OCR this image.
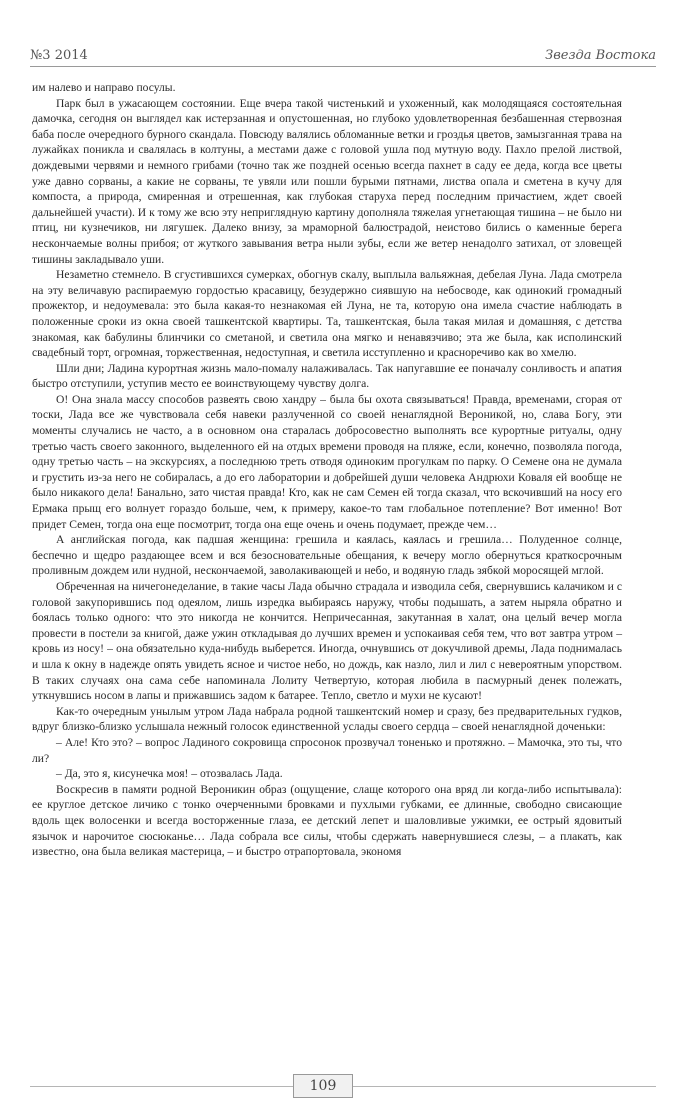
№3 2014	Звезда Востока

им налево и направо посулы.

Парк был в ужасающем состоянии. Еще вчера такой чистенький и ухоженный, как молодящаяся состоятельная дамочка, сегодня он выглядел как истерзанная и опустошенная, но глубоко удовлетворенная безбашенная стервозная баба после очередного бурного скандала. Повсюду валялись обломанные ветки и гроздья цветов, замызганная трава на лужайках поникла и свалялась в колтуны, а местами даже с головой ушла под мутную воду. Пахло прелой листвой, дождевыми червями и немного грибами (точно так же поздней осенью всегда пахнет в саду ее деда, когда все цветы уже давно сорваны, а какие не сорваны, те увяли или пошли бурыми пятнами, листва опала и сметена в кучу для компоста, а природа, смиренная и отрешенная, как глубокая старуха перед последним причастием, ждет своей дальнейшей участи). И к тому же всю эту неприглядную картину дополняла тяжелая угнетающая тишина – не было ни птиц, ни кузнечиков, ни лягушек. Далеко внизу, за мраморной балюстрадой, неистово бились о каменные берега нескончаемые волны прибоя; от жуткого завывания ветра ныли зубы, если же ветер ненадолго затихал, от зловещей тишины закладывало уши.

Незаметно стемнело. В сгустившихся сумерках, обогнув скалу, выплыла вальяжная, дебелая Луна. Лада смотрела на эту величавую распираемую гордостью красавицу, безудержно сиявшую на небосводе, как одинокий громадный прожектор, и недоумевала: это была какая-то незнакомая ей Луна, не та, которую она имела счастие наблюдать в положенные сроки из окна своей ташкентской квартиры. Та, ташкентская, была такая милая и домашняя, с детства знакомая, как бабулины блинчики со сметаной, и светила она мягко и ненавязчиво; эта же была, как исполинский свадебный торт, огромная, торжественная, недоступная, и светила исступленно и красноречиво как во хмелю.

Шли дни; Ладина курортная жизнь мало-помалу налаживалась. Так напугавшие ее поначалу сонливость и апатия быстро отступили, уступив место ее воинствующему чувству долга.

О! Она знала массу способов развеять свою хандру – была бы охота связываться! Правда, временами, сгорая от тоски, Лада все же чувствовала себя навеки разлученной со своей ненаглядной Вероникой, но, слава Богу, эти моменты случались не часто, а в основном она старалась добросовестно выполнять все курортные ритуалы, одну третью часть своего законного, выделенного ей на отдых времени проводя на пляже, если, конечно, позволяла погода, одну третью часть – на экскурсиях, а последнюю треть отводя одиноким прогулкам по парку. О Семене она не думала и грустить из-за него не собиралась, а до его лаборатории и добрейшей души человека Андрюхи Коваля ей вообще не было никакого дела! Банально, зато чистая правда! Кто, как не сам Семен ей тогда сказал, что вскочивший на носу его Ермака прыщ его волнует гораздо больше, чем, к примеру, какое-то там глобальное потепление? Вот именно! Вот придет Семен, тогда она еще посмотрит, тогда она еще очень и очень подумает, прежде чем…

А английская погода, как падшая женщина: грешила и каялась, каялась и грешила… Полуденное солнце, беспечно и щедро раздающее всем и вся безосновательные обещания, к вечеру могло обернуться краткосрочным проливным дождем или нудной, нескончаемой, заволакивающей и небо, и водяную гладь зябкой моросящей мглой.

Обреченная на ничегонеделание, в такие часы Лада обычно страдала и изводила себя, свернувшись калачиком и с головой закупорившись под одеялом, лишь изредка выбираясь наружу, чтобы подышать, а затем ныряла обратно и боялась только одного: что это никогда не кончится. Непричесанная, закутанная в халат, она целый вечер могла провести в постели за книгой, даже ужин откладывая до лучших времен и успокаивая себя тем, что вот завтра утром – кровь из носу! – она обязательно куда-нибудь выберется. Иногда, очнувшись от докучливой дремы, Лада поднималась и шла к окну в надежде опять увидеть ясное и чистое небо, но дождь, как назло, лил и лил с невероятным упорством. В таких случаях она сама себе напоминала Лолиту Четвертую, которая любила в пасмурный денек полежать, уткнувшись носом в лапы и прижавшись задом к батарее. Тепло, светло и мухи не кусают!

Как-то очередным унылым утром Лада набрала родной ташкентский номер и сразу, без предварительных гудков, вдруг близко-близко услышала нежный голосок единственной услады своего сердца – своей ненаглядной доченьки:

– Але! Кто это? – вопрос Ладиного сокровища спросонок прозвучал тоненько и протяжно. – Мамочка, это ты, что ли?

– Да, это я, кисунечка моя! – отозвалась Лада.

Воскресив в памяти родной Вероникин образ (ощущение, слаще которого она вряд ли когда-либо испытывала): ее круглое детское личико с тонко очерченными бровками и пухлыми губками, ее длинные, свободно свисающие вдоль щек волосенки и всегда восторженные глаза, ее детский лепет и шаловливые ужимки, ее острый ядовитый язычок и нарочитое сюсюканье… Лада собрала все силы, чтобы сдержать навернувшиеся слезы, – а плакать, как известно, она была великая мастерица, – и быстро отрапортовала, экономя

109
